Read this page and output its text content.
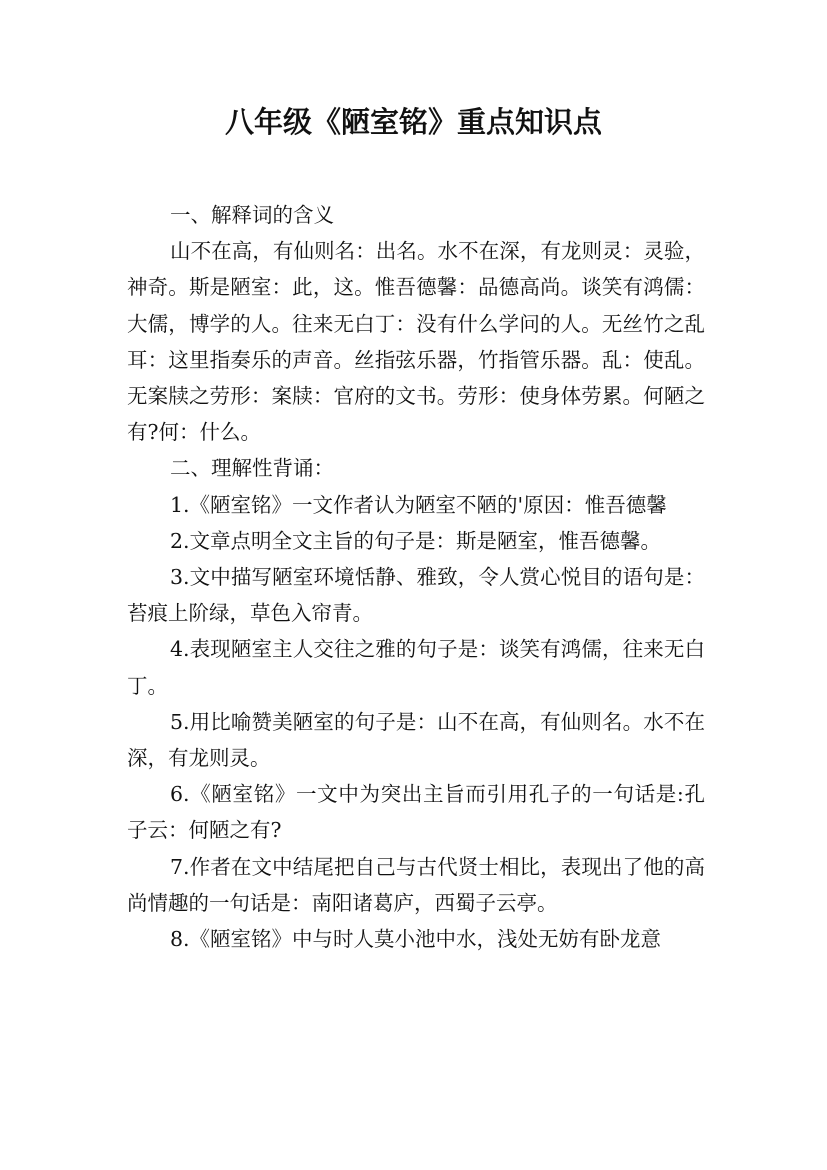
八年级《陋室铭》重点知识点

一、解释词的含义

山不在高，有仙则名：出名。水不在深，有龙则灵：灵验，神奇。斯是陋室：此，这。惟吾德馨：品德高尚。谈笑有鸿儒：大儒，博学的人。往来无白丁：没有什么学问的人。无丝竹之乱耳：这里指奏乐的声音。丝指弦乐器，竹指管乐器。乱：使乱。无案牍之劳形：案牍：官府的文书。劳形：使身体劳累。何陋之有?何：什么。

二、理解性背诵：

1.《陋室铭》一文作者认为陋室不陋的'原因：惟吾德馨

2.文章点明全文主旨的句子是：斯是陋室，惟吾德馨。

3.文中描写陋室环境恬静、雅致，令人赏心悦目的语句是：苔痕上阶绿，草色入帘青。

4.表现陋室主人交往之雅的句子是：谈笑有鸿儒，往来无白丁。

5.用比喻赞美陋室的句子是：山不在高，有仙则名。水不在深，有龙则灵。

6.《陋室铭》一文中为突出主旨而引用孔子的一句话是:孔子云：何陋之有?

7.作者在文中结尾把自己与古代贤士相比，表现出了他的高尚情趣的一句话是：南阳诸葛庐，西蜀子云亭。

8.《陋室铭》中与时人莫小池中水，浅处无妨有卧龙意
